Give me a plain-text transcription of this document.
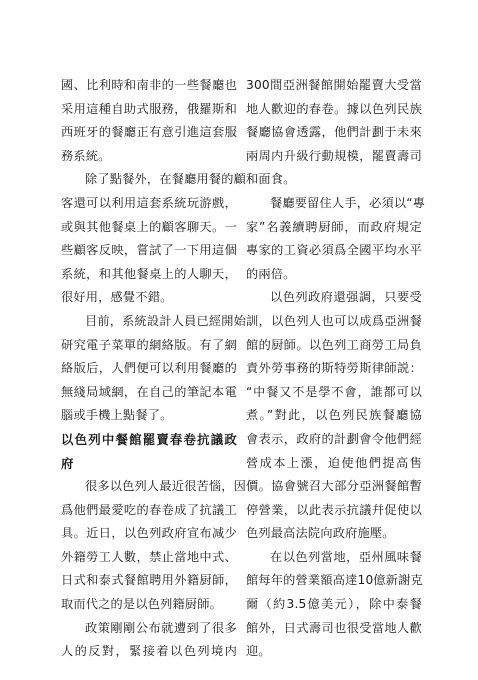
國、比利時和南非的一些餐廳也
采用這種自助式服務，俄羅斯和
西班牙的餐廳正有意引進這套服
務系統。
除了點餐外，在餐廳用餐的顧
客還可以利用這套系統玩游戲，
或與其他餐桌上的顧客聊天。一
些顧客反映，嘗試了一下用這個
系統，和其他餐桌上的人聊天，
很好用，感覺不錯。
目前，系統設計人員已經開始
研究電子菜單的網絡版。有了網
絡版后，人們便可以利用餐廳的
無綫局域網，在自己的筆記本電
腦或手機上點餐了。
以色列中餐館罷賣春卷抗議政
府
很多以色列人最近很苦惱，因
爲他們最愛吃的春卷成了抗議工
具。近日，以色列政府宣布减少
外籍勞工人數，禁止當地中式、
日式和泰式餐館聘用外籍厨師，
取而代之的是以色列籍厨師。
政策剛剛公布就遭到了很多
人的反對，緊接着以色列境内
300間亞洲餐館開始罷賣大受當
地人歡迎的春卷。據以色列民族
餐廳協會透露，他們計劃于未來
兩周内升級行動規模，罷賣壽司
和面食。
餐廳要留住人手，必須以“專
家”名義續聘厨師，而政府規定
專家的工資必須爲全國平均水平
的兩倍。
以色列政府還强調，只要受
訓，以色列人也可以成爲亞洲餐
館的厨師。以色列工商勞工局負
責外勞事務的斯特勞斯律師説：
“中餐又不是學不會，誰都可以
煮。”對此，以色列民族餐廳協
會表示，政府的計劃會令他們經
營成本上漲，迫使他們提高售
價。協會號召大部分亞洲餐館暫
停營業，以此表示抗議幷促使以
色列最高法院向政府施壓。
在以色列當地，亞州風味餐
館每年的營業額高達10億新謝克
爾（約3.5億美元），除中泰餐
館外，日式壽司也很受當地人歡
迎。
